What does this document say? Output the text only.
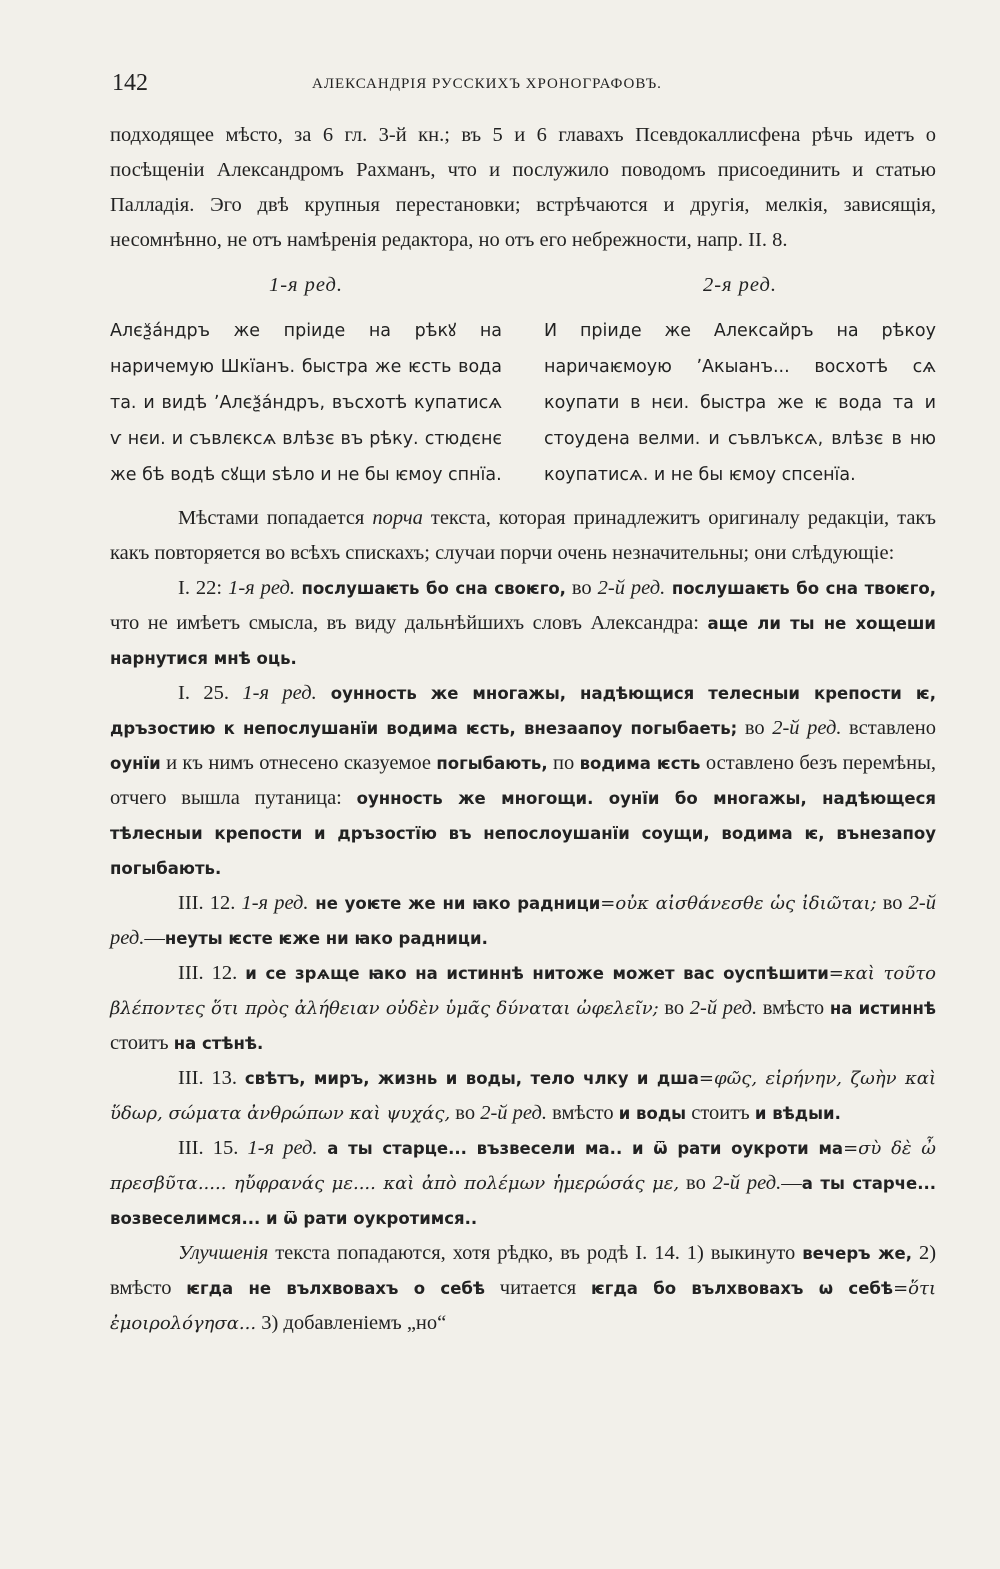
142	АЛЕКСАНДРІЯ РУССКИХЪ ХРОНОГРАФОВЪ.

подходящее мѣсто, за 6 гл. 3-й кн.; въ 5 и 6 главахъ Псевдокаллисфена рѣчь идетъ о посѣщеніи Александромъ Рахманъ, что и послужило поводомъ присоединить и статью Палладія. Эго двѣ крупныя перестановки; встрѣчаются и другія, мелкія, зависящія, несомнѣнно, не отъ намѣренія редактора, но отъ его небрежности, напр. II. 8.

1-я ред.
Алєѯа́ндръ же пріиде на рѣкꙋ на наричемую Шкїанъ. быстра же ѥсть вода та. и видѣ ʼАлєѯа́ндръ, въсхотѣ купатисѧ ѵ нєи. и съвлєксѧ влѣзє въ рѣку. стюдєнє же бѣ водѣ сꙋщи ѕѣло и не бы ѥмоу спнїа.
2-я ред.
И пріиде же Алексайръ на рѣкоу наричаѥмоую ʼАкыанъ... восхотѣ сѧ коупати в нєи. быстра же ѥ вода та и стоудена велми. и съвлъксѧ, влѣзє в ню коупатисѧ. и не бы ѥмоу спсенїа.

Мѣстами попадается порча текста, которая принадлежитъ оригиналу редакціи, такъ какъ повторяется во всѣхъ спискахъ; случаи порчи очень незначительны; они слѣдующіе:

I. 22: 1-я ред. послушаѥть бо сна своѥго, во 2-й ред. послушаѥть бо сна твоѥго, что не имѣетъ смысла, въ виду дальнѣйшихъ словъ Александра: аще ли ты не хощеши нарнутися мнѣ оць.

I. 25. 1-я ред. оунность же многажы, надѣющися телесныи крепости ѥ, дръзостию к непослушанїи водима ѥсть, внезаапоу погыбаеть; во 2-й ред. вставлено оунїи и къ нимъ отнесено сказуемое погыбають, по водима ѥсть оставлено безъ перемѣны, отчего вышла путаница: оунность же многощи. оунїи бо многажы, надѣющеся тѣлесныи крепости и дръзостїю въ непослоушанїи соущи, водима ѥ, вънезапоу погыбають.

III. 12. 1-я ред. не уоѥте же ни ꙗко радници=οὐκ αἰσθάνεσθε ὡς ἰδιῶται; во 2-й ред.—неуты ѥсте ѥже ни ꙗко радници.

III. 12. и се зрѧще ꙗко на истиннѣ нитоже может вас оуспѣшити=καὶ τοῦτο βλέποντες ὅτι πρὸς ἀλήθειαν οὐδὲν ὑμᾶς δύναται ὠφελεῖν; во 2-й ред. вмѣсто на истиннѣ стоитъ на стѣнѣ.

III. 13. свѣтъ, миръ, жизнь и воды, тело члку и дша=φῶς, εἰρήνην, ζωὴν καὶ ὕδωρ, σώματα ἀνθρώπων καὶ ψυχάς, во 2-й ред. вмѣсто и воды стоитъ и вѣдыи.

III. 15. 1-я ред. а ты старце... възвесели ма.. и ѿ рати оукроти ма=σὺ δὲ ὦ πρεσβῦτα..... ηὔφρανάς με.... καὶ ἀπὸ πολέμων ἡμερώσάς με, во 2-й ред.—а ты старче... возвеселимся... и ѿ рати оукротимся..

Улучшенія текста попадаются, хотя рѣдко, въ родѣ I. 14. 1) выкинуто вечеръ же, 2) вмѣсто ѥгда не вълхвовахъ о себѣ читается ѥгда бо вълхвовахъ ω себѣ=ὅτι ἐμοιρολόγησα... 3) добавленіемъ „но“
